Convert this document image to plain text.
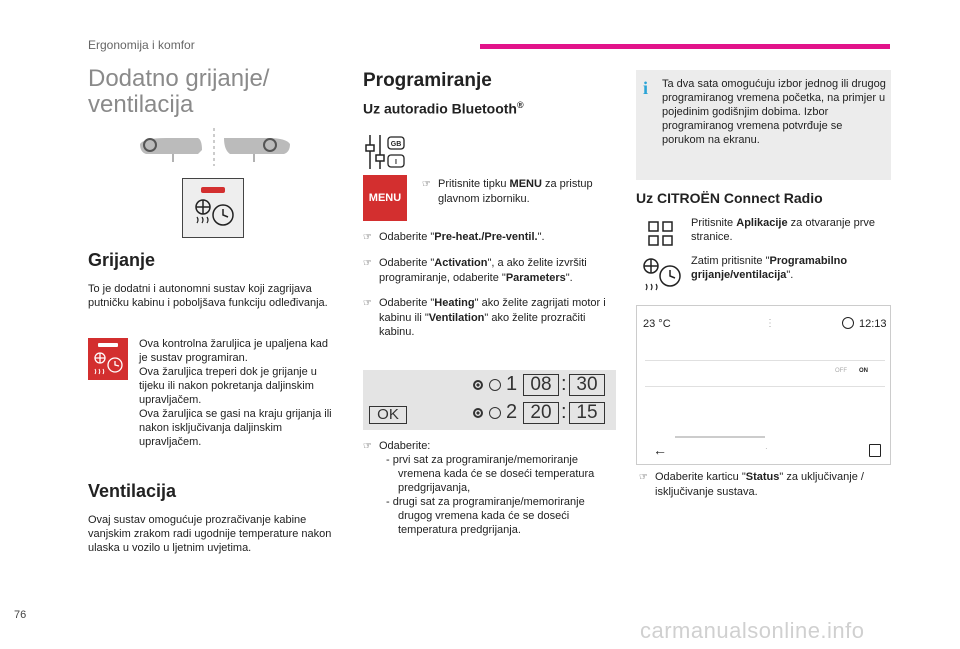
Ergonomija i komfor
Dodatno grijanje/ ventilacija
Grijanje
To je dodatni i autonomni sustav koji zagrijava putničku kabinu i poboljšava funkciju odleđivanja.
Ova kontrolna žaruljica je upaljena kad je sustav programiran.
Ova žaruljica treperi dok je grijanje u tijeku ili nakon pokretanja daljinskim upravljačem.
Ova žaruljica se gasi na kraju grijanja ili nakon isključivanja daljinskim upravljačem.
Ventilacija
Ovaj sustav omogućuje prozračivanje kabine vanjskim zrakom radi ugodnije temperature nakon ulaska u vozilo u ljetnim uvjetima.
Programiranje
Uz autoradio Bluetooth®
GB
I
MENU
☞ Pritisnite tipku MENU za pristup glavnom izborniku.
☞ Odaberite "Pre-heat./Pre-ventil.".
☞ Odaberite "Activation", a ako želite izvršiti programiranje, odaberite "Parameters".
☞ Odaberite "Heating" ako želite zagrijati motor i kabinu ili "Ventilation" ako želite prozračiti kabinu.
OK
1 08 : 30
2 20 : 15
☞ Odaberite:
- prvi sat za programiranje/memoriranje vremena kada će se doseći temperatura predgrijavanja,
- drugi sat za programiranje/memoriranje drugog vremena kada će se doseći temperatura predgrijanja.
i Ta dva sata omogućuju izbor jednog ili drugog programiranog vremena početka, na primjer u pojedinim godišnjim dobima. Izbor programiranog vremena potvrđuje se porukom na ekranu.
Uz CITROËN Connect Radio
Pritisnite Aplikacije za otvaranje prve stranice.
Zatim pritisnite "Programabilno grijanje/ventilacija".
23 °C	⋮	12:13
OFF ON
←	·
☞ Odaberite karticu "Status" za uključivanje / isključivanje sustava.
76
carmanualsonline.info
